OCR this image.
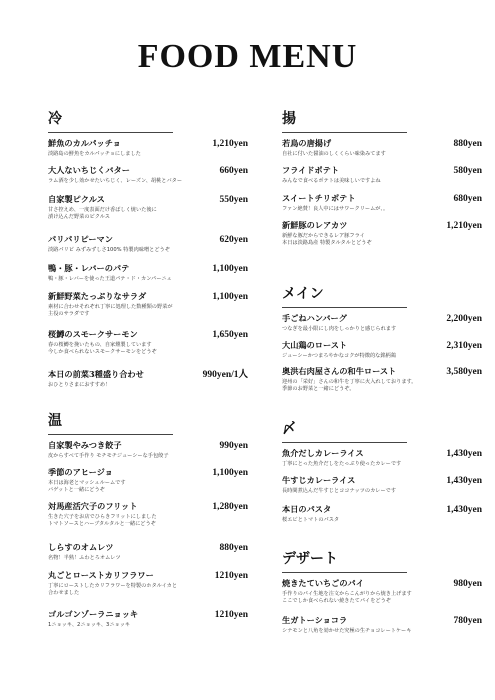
FOOD MENU
冷
鮮魚のカルパッチョ	1,210yen
淡路島の鮮魚をカルパッチョにしました
大人ないちじくバター	660yen
ラム酒を少し効かせたいちじく、レーズン、胡桃とバター
自家製ピクルス	550yen
甘さ控えめ、一度表面だけ香ばしく焼いた後に
漬け込んだ野菜のピクルス
パリパリピーマン	620yen
淡路パリピ みずみずしさ100% 特製肉味噌とどうぞ
鴨・豚・レバーのパテ	1,100yen
鴨・豚・レバーを使った王道パテ・ド・カンパーニュ
新鮮野菜たっぷりなサラダ	1,100yen
素材に合わせそれぞれ丁寧に処理した数種類の野菜が
主役のサラダです
桜鱒のスモークサーモン	1,650yen
春の桜鱒を挽いたもの、自家燻製しています
今しか食べられないスモークサーモンをどうぞ
本日の前菜3種盛り合わせ	990yen/1人
おひとりさまにおすすめ！
温
自家製やみつき餃子	990yen
皮からすべて手作り モチモチジューシーな手包餃子
季節のアヒージョ	1,100yen
本日は海老とマッシュルームです
バゲットと一緒にどうぞ
対馬産活穴子のフリット	1,280yen
生きた穴子をお店でひらきフリットにしました
トマトソースとハーブタルタルと一緒にどうぞ
しらすのオムレツ	880yen
名物！半熟！ふわとろオムレツ
丸ごとローストカリフラワー	1210yen
丁寧にローストしたカリフラワーを特製のホタルイカと
合わせました
ゴルゴンゾーラニョッキ	1210yen
1ニョッキ、2ニョッキ、3ニョッキ
揚
若鳥の唐揚げ	880yen
自社に付いた醤油のしくくらい味染みてます
フライドポテト	580yen
みんなで食べるポテトは美味しいですよね
スイートチリポテト	680yen
ファン絶賛！良人中にはサワークリームが、。
新鮮豚のレアカツ	1,210yen
新鮮な豚だからできるレア豚フライ
本日は淡路島産 特製タルタルとどうぞ
メイン
手ごねハンバーグ	2,200yen
つなぎを最小限にし肉をしっかりと感じられます
大山鶏のロースト	2,310yen
ジューシーかつまろやかなコクが特徴的な銘柄鶏
奥洪右肉屋さんの和牛ロースト	3,580yen
迎州の「栄好」さんの和牛を丁寧に火入れしております。
季節のお野菜と一緒にどうぞ。
〆
魚介だしカレーライス	1,430yen
丁寧にとった魚介だしをたっぷり使ったカレーです
牛すじカレーライス	1,430yen
長時間煮込んだ牛すじとココナッツのカレーです
本日のパスタ	1,430yen
桜エビとトマトのパスタ
デザート
焼きたていちごのパイ	980yen
手作りのパイ生地を注文からこんがりから焼き上げます
ここでしか食べられない焼きたてパイをどうぞ
生ガトーショコラ	780yen
シナモンと八角を効かせた究極の生チョコレートケーキ
